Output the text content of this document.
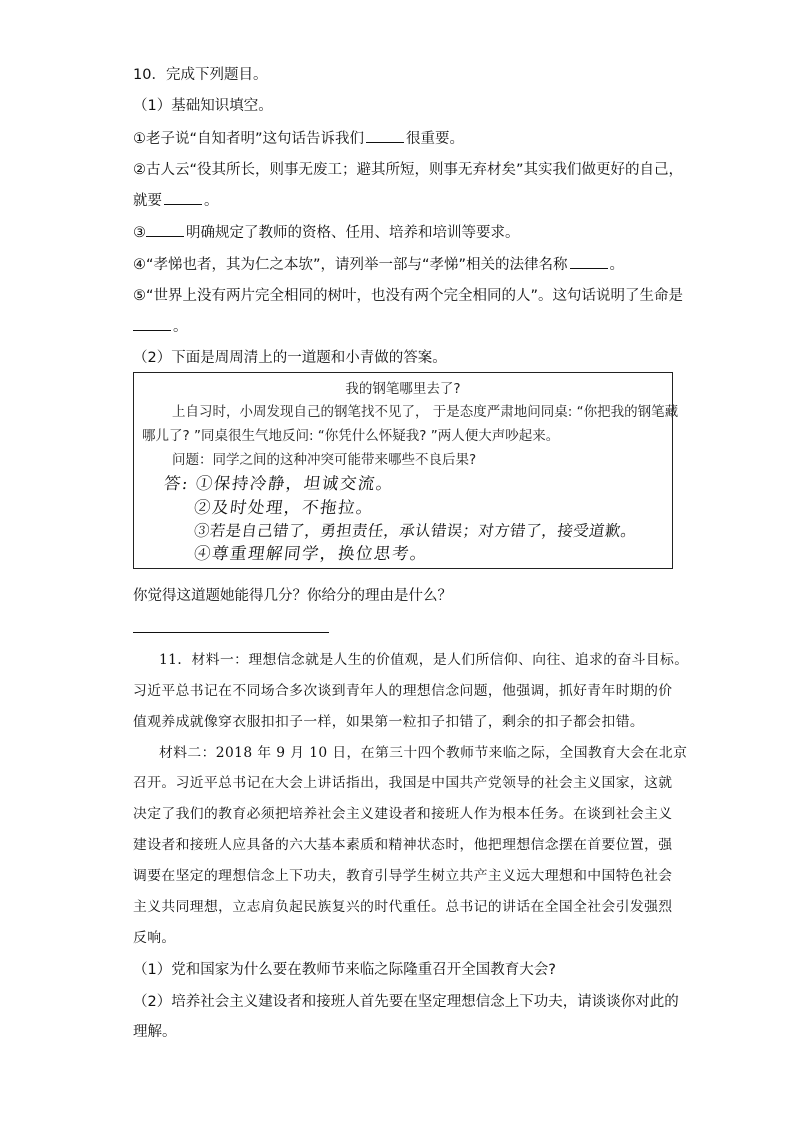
10．完成下列题目。
（1）基础知识填空。
①老子说“自知者明”这句话告诉我们	很重要。
②古人云“役其所长，则事无废工；避其所短，则事无弃材矣”其实我们做更好的自己，
就要	。
③	明确规定了教师的资格、任用、培养和培训等要求。
④“孝悌也者，其为仁之本欤”，请列举一部与“孝悌”相关的法律名称	。
⑤“世界上没有两片完全相同的树叶，也没有两个完全相同的人”。这句话说明了生命是
。
（2）下面是周周清上的一道题和小青做的答案。
我的钢笔哪里去了?
上自习时，小周发现自己的钢笔找不见了， 于是态度严肃地问同桌: “你把我的钢笔藏
哪儿了? ”同桌很生气地反问: “你凭什么怀疑我? ”两人便大声吵起来。
问题：同学之间的这种冲突可能带来哪些不良后果?
答: ①保持冷静，坦诚交流。
②及时处理，不拖拉。
③若是自己错了，勇担责任，承认错误；对方错了，接受道歉。
④尊重理解同学，换位思考。
你觉得这道题她能得几分？你给分的理由是什么？
11．材料一：理想信念就是人生的价值观，是人们所信仰、向往、追求的奋斗目标。
习近平总书记在不同场合多次谈到青年人的理想信念问题，他强调，抓好青年时期的价
值观养成就像穿衣服扣扣子一样，如果第一粒扣子扣错了，剩余的扣子都会扣错。
材料二：2018 年 9 月 10 日，在第三十四个教师节来临之际，全国教育大会在北京
召开。习近平总书记在大会上讲话指出，我国是中国共产党领导的社会主义国家，这就
决定了我们的教育必须把培养社会主义建设者和接班人作为根本任务。在谈到社会主义
建设者和接班人应具备的六大基本素质和精神状态时，他把理想信念摆在首要位置，强
调要在坚定的理想信念上下功夫，教育引导学生树立共产主义远大理想和中国特色社会
主义共同理想，立志肩负起民族复兴的时代重任。总书记的讲话在全国全社会引发强烈
反响。
（1）党和国家为什么要在教师节来临之际隆重召开全国教育大会?
（2）培养社会主义建设者和接班人首先要在坚定理想信念上下功夫，请谈谈你对此的
理解。
